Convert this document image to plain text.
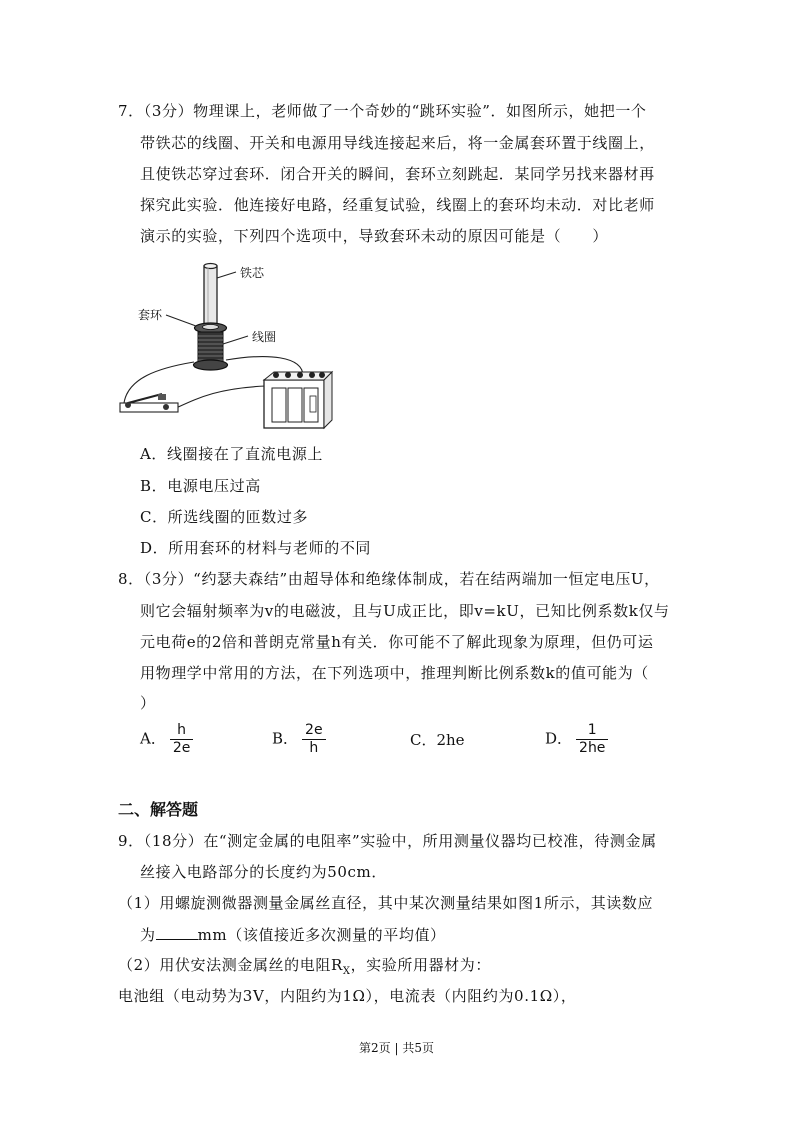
7．（3分）物理课上，老师做了一个奇妙的“跳环实验”．如图所示，她把一个
带铁芯的线圈、开关和电源用导线连接起来后，将一金属套环置于线圈上，
且使铁芯穿过套环．闭合开关的瞬间，套环立刻跳起．某同学另找来器材再
探究此实验．他连接好电路，经重复试验，线圈上的套环均未动．对比老师
演示的实验，下列四个选项中，导致套环未动的原因可能是（　　）
铁芯
套环
线圈
A．线圈接在了直流电源上
B．电源电压过高
C．所选线圈的匝数过多
D．所用套环的材料与老师的不同
8．（3分）“约瑟夫森结”由超导体和绝缘体制成，若在结两端加一恒定电压U，
则它会辐射频率为v的电磁波，且与U成正比，即v=kU，已知比例系数k仅与
元电荷e的2倍和普朗克常量h有关．你可能不了解此现象为原理，但仍可运
用物理学中常用的方法，在下列选项中，推理判断比例系数k的值可能为（
）
A． $\frac{h}{2e}$	B． $\frac{2e}{h}$	C．2he	D． $\frac{1}{2he}$
二、解答题
9．（18分）在“测定金属的电阻率”实验中，所用测量仪器均已校准，待测金属
丝接入电路部分的长度约为50cm．
（1）用螺旋测微器测量金属丝直径，其中某次测量结果如图1所示，其读数应
为	mm（该值接近多次测量的平均值）
（2）用伏安法测金属丝的电阻$R_X$，实验所用器材为：
电池组（电动势为3V，内阻约为1Ω），电流表（内阻约为0.1Ω），
第2页 | 共5页
